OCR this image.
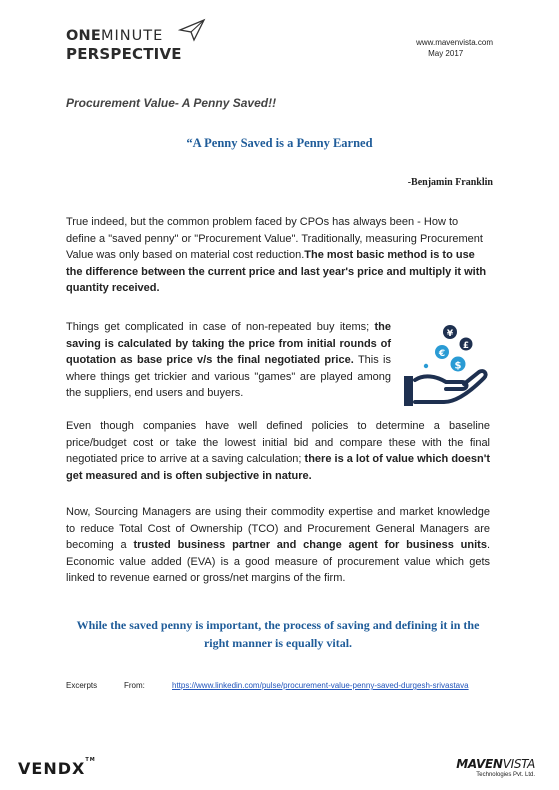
ONEMINUTE
PERSPECTIVE
www.mavenvista.com
May 2017
Procurement Value- A Penny Saved!!
“A Penny Saved is a Penny Earned
-Benjamin Franklin
True indeed, but the common problem faced by CPOs has always been - How to define a "saved penny" or "Procurement Value". Traditionally, measuring Procurement Value was only based on material cost reduction.The most basic method is to use the difference between the current price and last year's price and multiply it with quantity received.
Things get complicated in case of non-repeated buy items; the saving is calculated by taking the price from initial rounds of quotation as base price v/s the final negotiated price. This is where things get trickier and various "games" are played among the suppliers, end users and buyers.
¥
£
€
$
Even though companies have well defined policies to determine a baseline price/budget cost or take the lowest initial bid and compare these with the final negotiated price to arrive at a saving calculation; there is a lot of value which doesn't get measured and is often subjective in nature.
Now, Sourcing Managers are using their commodity expertise and market knowledge to reduce Total Cost of Ownership (TCO) and Procurement General Managers are becoming a trusted business partner and change agent for business units. Economic value added (EVA) is a good measure of procurement value which gets linked to revenue earned or gross/net margins of the firm.
While the saved penny is important, the process of saving and defining it in the right manner is equally vital.
Excerpts	From:	https://www.linkedin.com/pulse/procurement-value-penny-saved-durgesh-srivastava
VENDX™	MAVENVISTA
Technologies Pvt. Ltd.
